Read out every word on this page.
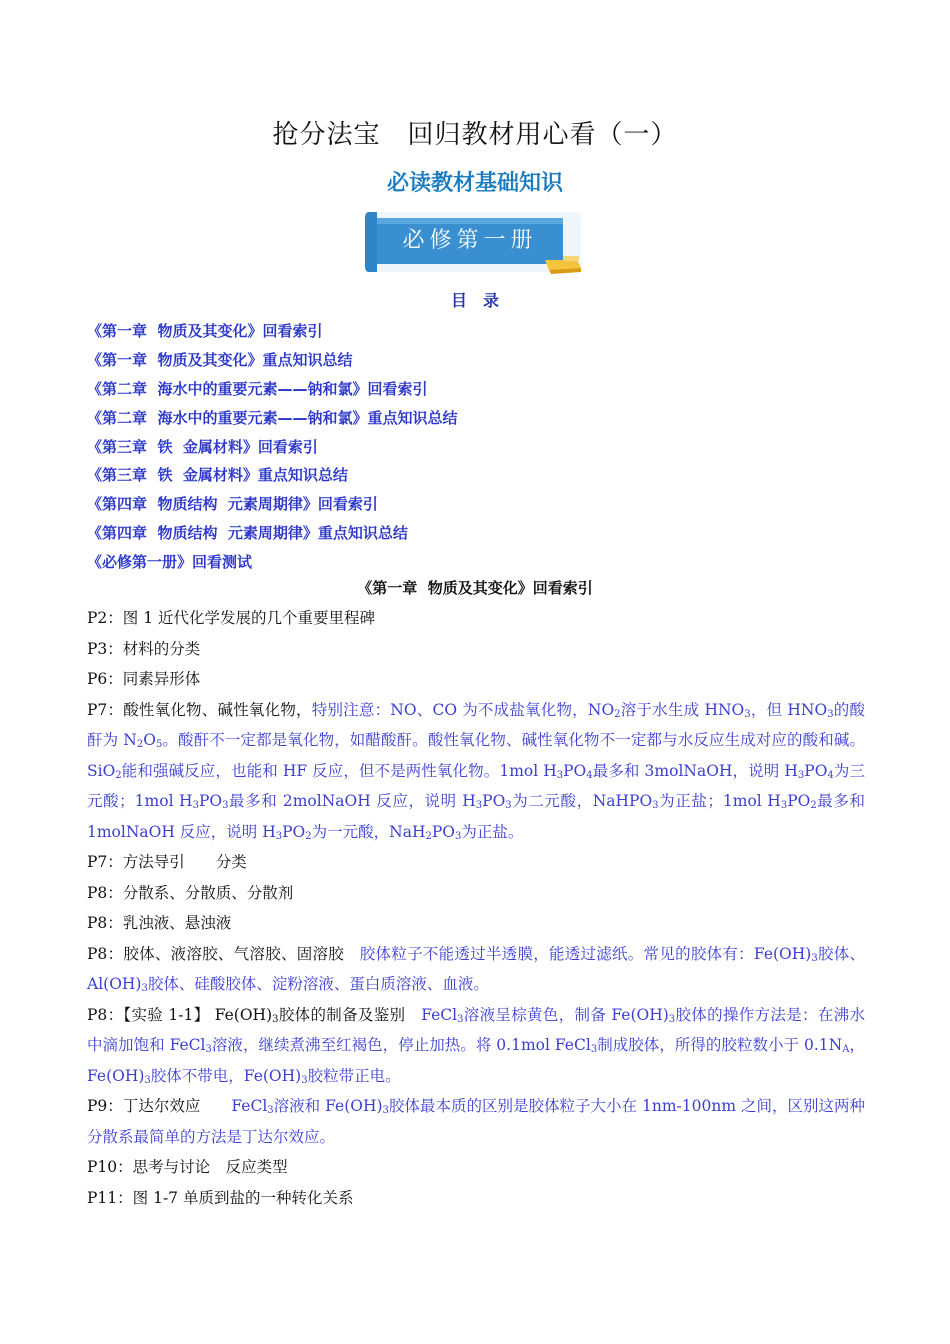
抢分法宝　回归教材用心看（一）
必读教材基础知识
必修第一册
目　录
《第一章  物质及其变化》回看索引
《第一章  物质及其变化》重点知识总结
《第二章  海水中的重要元素——钠和氯》回看索引
《第二章  海水中的重要元素——钠和氯》重点知识总结
《第三章  铁  金属材料》回看索引
《第三章  铁  金属材料》重点知识总结
《第四章  物质结构  元素周期律》回看索引
《第四章  物质结构  元素周期律》重点知识总结
《必修第一册》回看测试
《第一章  物质及其变化》回看索引

P2：图 1 近代化学发展的几个重要里程碑

P3：材料的分类

P6：同素异形体

P7：酸性氧化物、碱性氧化物，特别注意：NO、CO 为不成盐氧化物，$NO_2$溶于水生成 $HNO_3$，但 $HNO_3$的酸酐为 $N_2O_5$。酸酐不一定都是氧化物，如醋酸酐。酸性氧化物、碱性氧化物不一定都与水反应生成对应的酸和碱。SiO$_2$能和强碱反应，也能和 HF 反应，但不是两性氧化物。1mol $H_3PO_4$最多和 3molNaOH，说明 $H_3PO_4$为三元酸；1mol $H_3PO_3$最多和 2molNaOH 反应，说明 $H_3PO_3$为二元酸，NaHPO$_3$为正盐；1mol $H_3PO_2$最多和 1molNaOH 反应，说明 $H_3PO_2$为一元酸，$NaH_2PO_3$为正盐。

P7：方法导引　　分类

P8：分散系、分散质、分散剂

P8：乳浊液、悬浊液

P8：胶体、液溶胶、气溶胶、固溶胶　胶体粒子不能透过半透膜，能透过滤纸。常见的胶体有：$Fe(OH)_3$胶体、$Al(OH)_3$胶体、硅酸胶体、淀粉溶液、蛋白质溶液、血液。

P8：【实验 1-1】 $Fe(OH)_3$胶体的制备及鉴别　FeCl$_3$溶液呈棕黄色，制备 $Fe(OH)_3$胶体的操作方法是：在沸水中滴加饱和 FeCl$_3$溶液，继续煮沸至红褐色，停止加热。将 0.1mol FeCl$_3$制成胶体，所得的胶粒数小于 $0.1N_A$，$Fe(OH)_3$胶体不带电，$Fe(OH)_3$胶粒带正电。

P9：丁达尔效应　　FeCl$_3$溶液和 $Fe(OH)_3$胶体最本质的区别是胶体粒子大小在 1nm-100nm 之间，区别这两种分散系最简单的方法是丁达尔效应。

P10：思考与讨论　反应类型

P11：图 1-7 单质到盐的一种转化关系
